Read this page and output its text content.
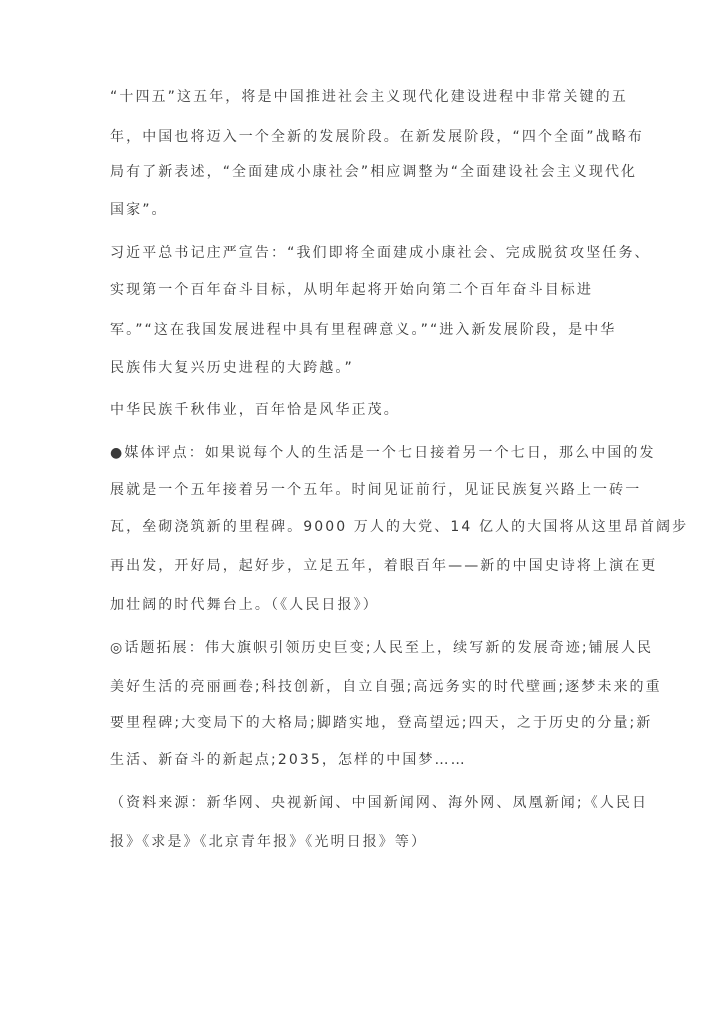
“十四五”这五年，将是中国推进社会主义现代化建设进程中非常关键的五
年，中国也将迈入一个全新的发展阶段。在新发展阶段，“四个全面”战略布
局有了新表述，“全面建成小康社会”相应调整为“全面建设社会主义现代化
国家”。
习近平总书记庄严宣告：“我们即将全面建成小康社会、完成脱贫攻坚任务、
实现第一个百年奋斗目标，从明年起将开始向第二个百年奋斗目标进
军。”“这在我国发展进程中具有里程碑意义。”“进入新发展阶段，是中华
民族伟大复兴历史进程的大跨越。”
中华民族千秋伟业，百年恰是风华正茂。
●媒体评点：如果说每个人的生活是一个七日接着另一个七日，那么中国的发
展就是一个五年接着另一个五年。时间见证前行，见证民族复兴路上一砖一
瓦，垒砌浇筑新的里程碑。9000 万人的大党、14 亿人的大国将从这里昂首阔步
再出发，开好局，起好步，立足五年，着眼百年——新的中国史诗将上演在更
加壮阔的时代舞台上。（《人民日报》）
◎话题拓展：伟大旗帜引领历史巨变;人民至上，续写新的发展奇迹;铺展人民
美好生活的亮丽画卷;科技创新，自立自强;高远务实的时代壁画;逐梦未来的重
要里程碑;大变局下的大格局;脚踏实地，登高望远;四天，之于历史的分量;新
生活、新奋斗的新起点;2035，怎样的中国梦……
（资料来源：新华网、央视新闻、中国新闻网、海外网、凤凰新闻;《人民日
报》《求是》《北京青年报》《光明日报》等）
